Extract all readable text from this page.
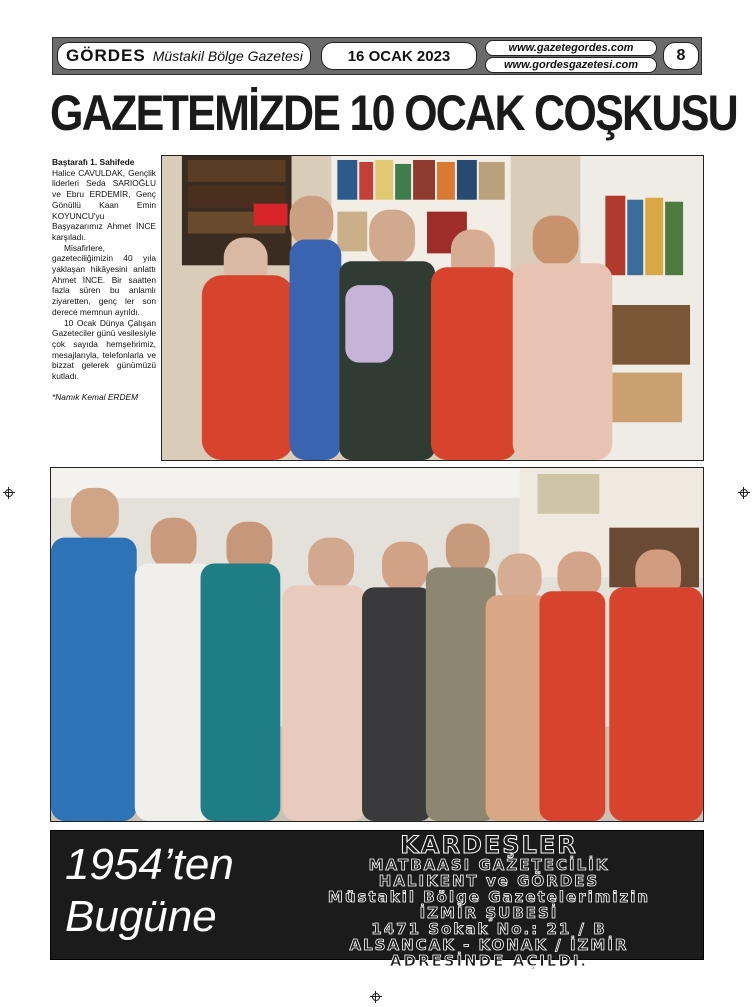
GÖRDES Müstakil Bölge Gazetesi	16 OCAK 2023	www.gazetegordes.com
www.gordesgazetesi.com
8
GAZETEMİZDE 10 OCAK COŞKUSU

Baştarafı 1. Sahifede

Halice CAVULDAK, Gençlik liderleri Seda SARIOĞLU ve Ebru ERDEMİR, Genç Gönüllü Kaan Emin KOYUNCU'yu Başyazarımız Ahmet İNCE karşıladı.

Misafirlere, gazeteciliğimizin 40 yıla yaklaşan hikâyesini anlattı Ahmet İNCE. Bir saatten fazla süren bu anlamlı ziyaretten, genç ler son derece memnun ayrıldı.

10 Ocak Dünya Çalışan Gazeteciler günü vesilesiyle çok sayıda hemşehrimiz, mesajlarıyla, telefonlarla ve bizzat gelerek günümüzü kutladı.

*Namık Kemal ERDEM

1954’ten
Bugüne
KARDEŞLER
MATBAASI GAZETECİLİK
HALIKENT ve GÖRDES
Müstakil Bölge Gazetelerimizin
İZMİR ŞUBESİ
1471 Sokak No.: 21 / B
ALSANCAK - KONAK / İZMİR
ADRESİNDE AÇILDI.
